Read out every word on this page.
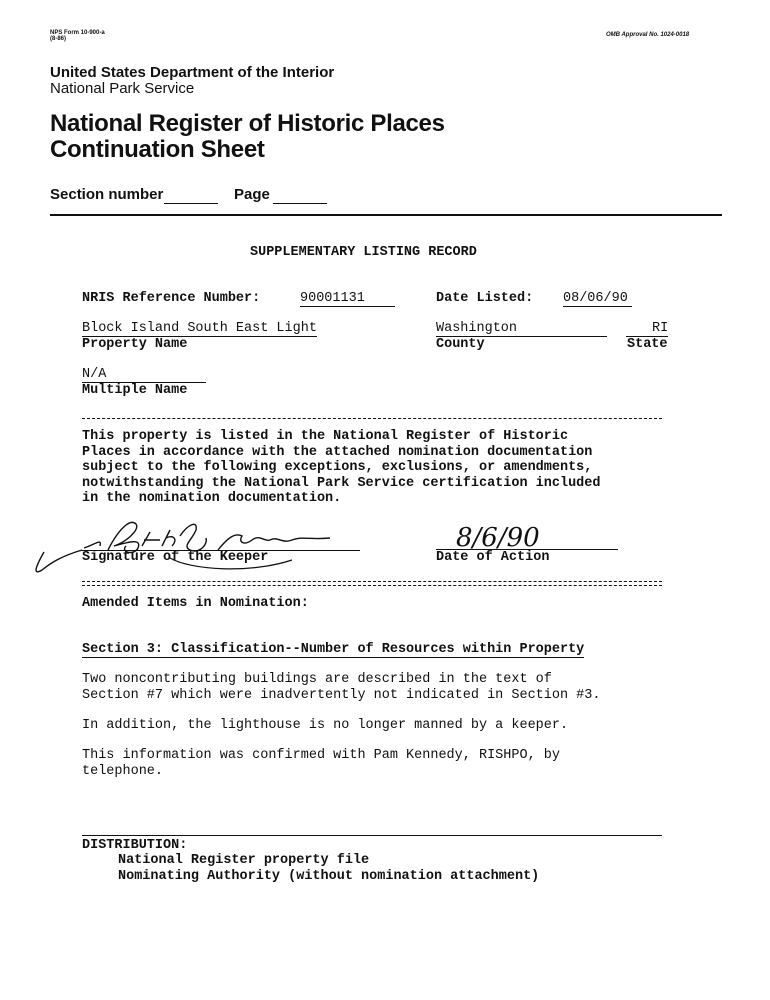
NPS Form 10-900-a
(8-86)
OMB Approval No. 1024-0018
United States Department of the Interior
National Park Service
National Register of Historic Places
Continuation Sheet
Section number	Page
SUPPLEMENTARY LISTING RECORD
NRIS Reference Number:	90001131	Date Listed: 08/06/90
Block Island South East Light
Property Name
Washington
County
RI
State
N/A
Multiple Name
This property is listed in the National Register of Historic
Places in accordance with the attached nomination documentation
subject to the following exceptions, exclusions, or amendments,
notwithstanding the National Park Service certification included
in the nomination documentation.
Signature of the Keeper
8/6/90
Date of Action
Amended Items in Nomination:
Section 3: Classification--Number of Resources within Property
Two noncontributing buildings are described in the text of
Section #7 which were inadvertently not indicated in Section #3.
In addition, the lighthouse is no longer manned by a keeper.
This information was confirmed with Pam Kennedy, RISHPO, by
telephone.
DISTRIBUTION:
National Register property file
Nominating Authority (without nomination attachment)
